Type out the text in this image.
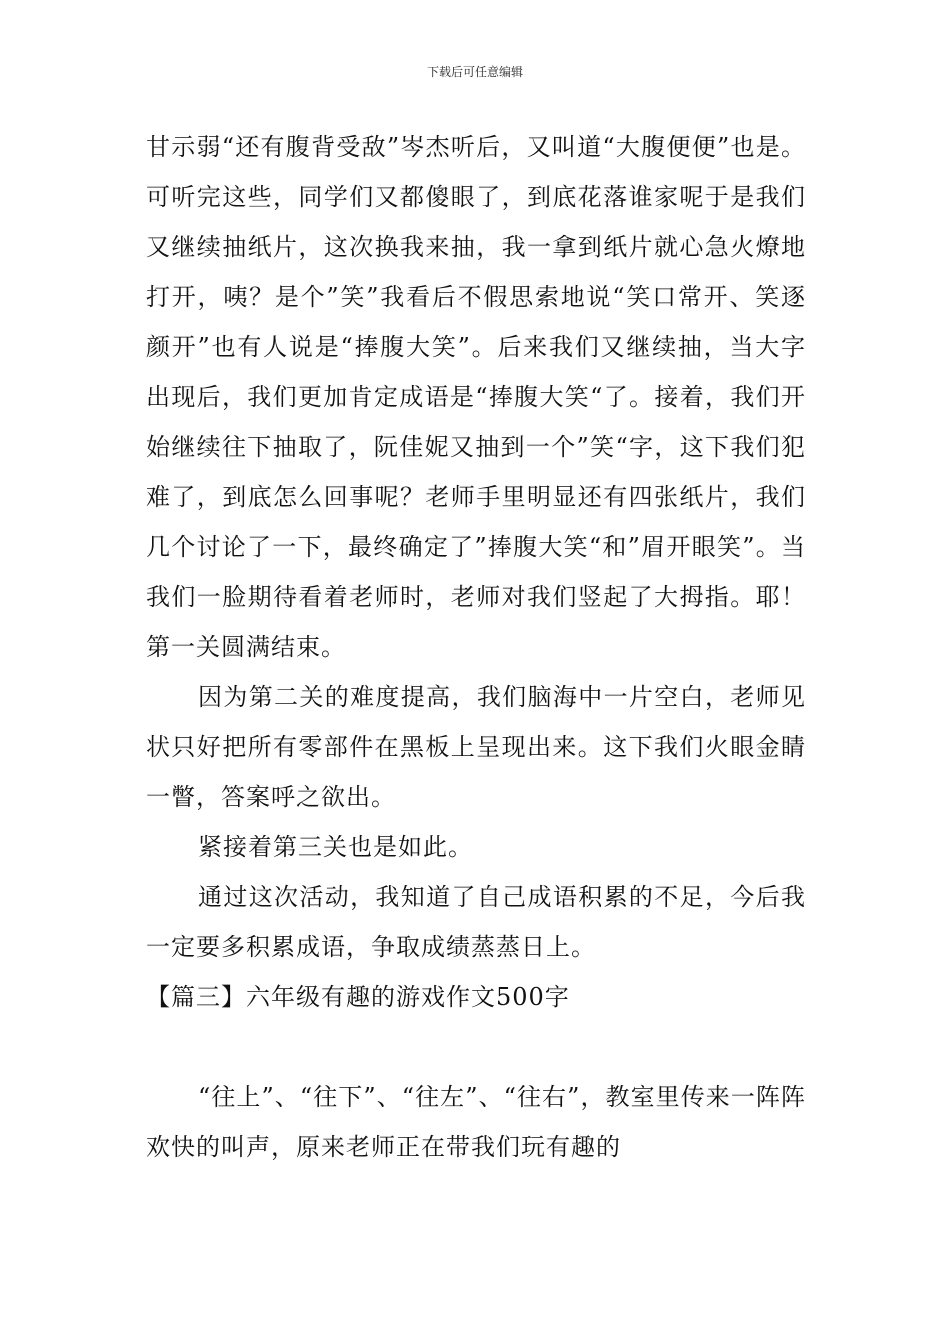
下载后可任意编辑

甘示弱“还有腹背受敌”岑杰听后，又叫道“大腹便便”也是。可听完这些，同学们又都傻眼了，到底花落谁家呢于是我们又继续抽纸片，这次换我来抽，我一拿到纸片就心急火燎地打开，咦？是个”笑”我看后不假思索地说“笑口常开、笑逐颜开”也有人说是“捧腹大笑”。后来我们又继续抽，当大字出现后，我们更加肯定成语是“捧腹大笑“了。接着，我们开始继续往下抽取了，阮佳妮又抽到一个”笑“字，这下我们犯难了，到底怎么回事呢？老师手里明显还有四张纸片，我们几个讨论了一下，最终确定了”捧腹大笑“和”眉开眼笑”。当我们一脸期待看着老师时，老师对我们竖起了大拇指。耶！第一关圆满结束。

因为第二关的难度提高，我们脑海中一片空白，老师见状只好把所有零部件在黑板上呈现出来。这下我们火眼金睛一瞥，答案呼之欲出。

紧接着第三关也是如此。

通过这次活动，我知道了自己成语积累的不足，今后我一定要多积累成语，争取成绩蒸蒸日上。

【篇三】六年级有趣的游戏作文500字

“往上”、“往下”、“往左”、“往右”，教室里传来一阵阵欢快的叫声，原来老师正在带我们玩有趣的
